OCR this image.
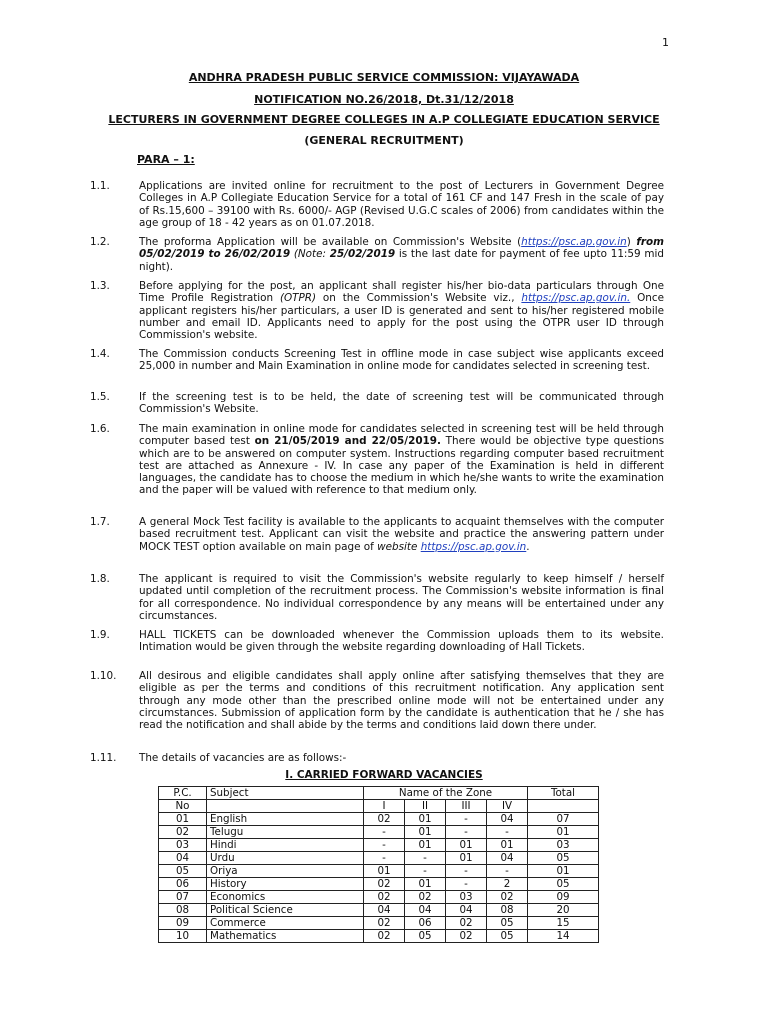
1
ANDHRA PRADESH PUBLIC SERVICE COMMISSION: VIJAYAWADA
NOTIFICATION NO.26/2018, Dt.31/12/2018
LECTURERS IN GOVERNMENT DEGREE COLLEGES IN A.P COLLEGIATE EDUCATION SERVICE
(GENERAL RECRUITMENT)
PARA – 1:
1.1.	Applications are invited online for recruitment to the post of Lecturers in Government Degree Colleges in A.P Collegiate Education Service for a total of 161 CF and 147 Fresh in the scale of pay of Rs.15,600 – 39100 with Rs. 6000/- AGP (Revised U.G.C scales of 2006) from candidates within the age group of 18 - 42 years as on 01.07.2018.
1.2.	The proforma Application will be available on Commission's Website (https://psc.ap.gov.in) from 05/02/2019 to 26/02/2019 (Note: 25/02/2019 is the last date for payment of fee upto 11:59 mid night).
1.3.	Before applying for the post, an applicant shall register his/her bio-data particulars through One Time Profile Registration (OTPR) on the Commission's Website viz., https://psc.ap.gov.in. Once applicant registers his/her particulars, a user ID is generated and sent to his/her registered mobile number and email ID. Applicants need to apply for the post using the OTPR user ID through Commission's website.
1.4.	The Commission conducts Screening Test in offline mode in case subject wise applicants exceed 25,000 in number and Main Examination in online mode for candidates selected in screening test.
1.5.	If the screening test is to be held, the date of screening test will be communicated through Commission's Website.
1.6.	The main examination in online mode for candidates selected in screening test will be held through computer based test on 21/05/2019 and 22/05/2019. There would be objective type questions which are to be answered on computer system. Instructions regarding computer based recruitment test are attached as Annexure - IV. In case any paper of the Examination is held in different languages, the candidate has to choose the medium in which he/she wants to write the examination and the paper will be valued with reference to that medium only.
1.7.	A general Mock Test facility is available to the applicants to acquaint themselves with the computer based recruitment test. Applicant can visit the website and practice the answering pattern under MOCK TEST option available on main page of website https://psc.ap.gov.in.
1.8.	The applicant is required to visit the Commission's website regularly to keep himself / herself updated until completion of the recruitment process. The Commission's website information is final for all correspondence. No individual correspondence by any means will be entertained under any circumstances.
1.9.	HALL TICKETS can be downloaded whenever the Commission uploads them to its website. Intimation would be given through the website regarding downloading of Hall Tickets.
1.10. All desirous and eligible candidates shall apply online after satisfying themselves that they are eligible as per the terms and conditions of this recruitment notification. Any application sent through any mode other than the prescribed online mode will not be entertained under any circumstances. Submission of application form by the candidate is authentication that he / she has read the notification and shall abide by the terms and conditions laid down there under.
1.11. The details of vacancies are as follows:-
I. CARRIED FORWARD VACANCIES
P.C.	Subject	Name of the Zone				Total
No		I	II	III	IV	
01	English	02	01	-	04	07
02	Telugu	-	01	-	-	01
03	Hindi	-	01	01	01	03
04	Urdu	-	-	01	04	05
05	Oriya	01	-	-	-	01
06	History	02	01	-	2	05
07	Economics	02	02	03	02	09
08	Political Science	04	04	04	08	20
09	Commerce	02	06	02	05	15
10	Mathematics	02	05	02	05	14
